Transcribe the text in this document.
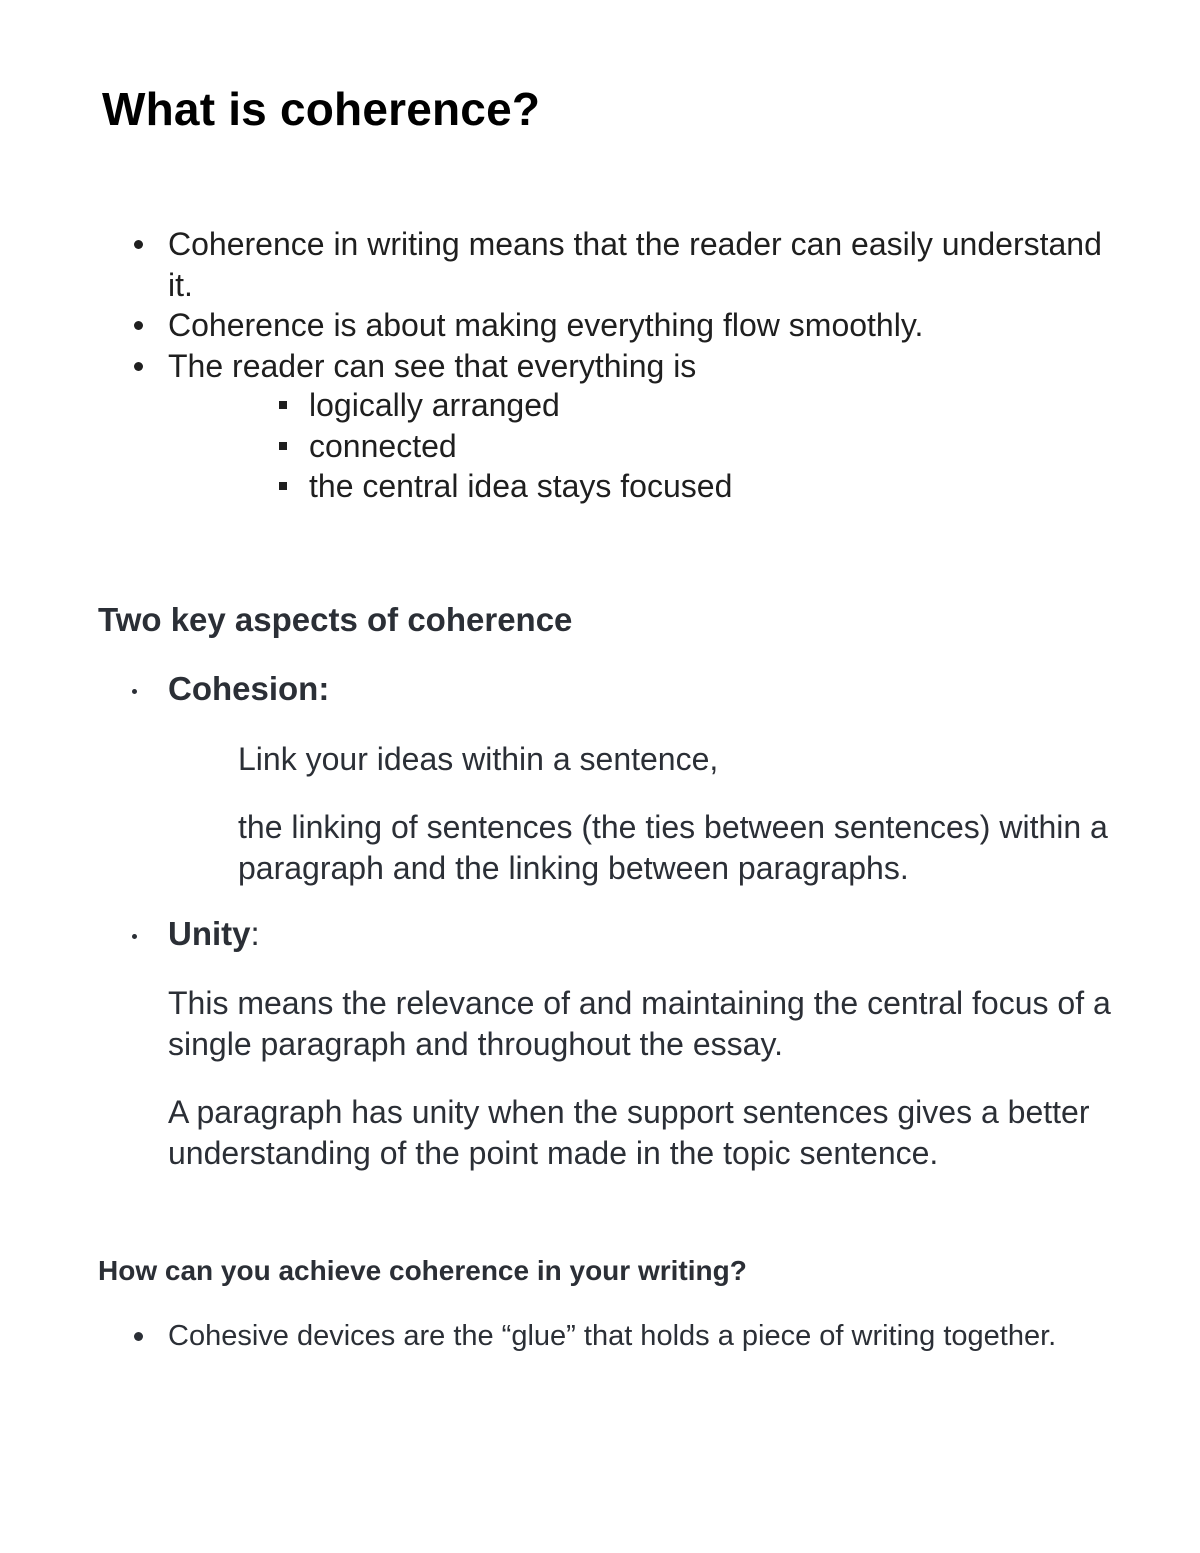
What is coherence?
Coherence in writing means that the reader can easily understand it.
Coherence is about making everything flow smoothly.
The reader can see that everything is
logically arranged
connected
the central idea stays focused
Two key aspects of coherence
Cohesion:

Link your ideas within a sentence,

the linking of sentences (the ties between sentences) within a paragraph and the linking between paragraphs.

Unity:

This means the relevance of and maintaining the central focus of a single paragraph and throughout the essay.

A paragraph has unity when the support sentences gives a better understanding of the point made in the topic sentence.

How can you achieve coherence in your writing?
Cohesive devices are the “glue” that holds a piece of writing together.
